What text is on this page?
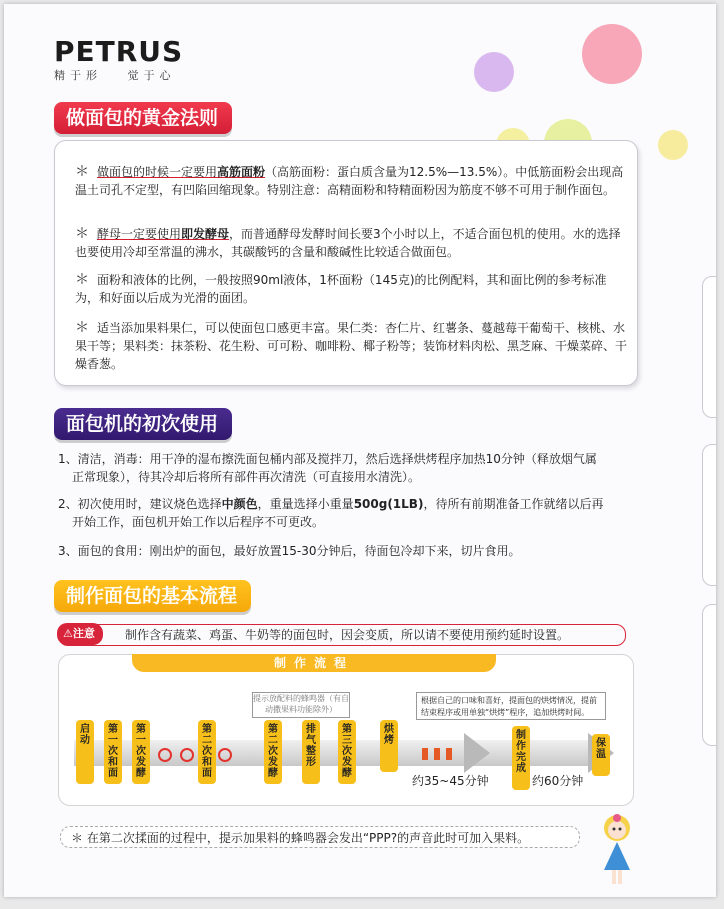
PETRUS
精于形   觉于心
做面包的黄金法则
＊ 做面包的时候一定要用高筋面粉（高筋面粉：蛋白质含量为12.5%—13.5%）。中低筋面粉会出现高温土司孔不定型，有凹陷回缩现象。特别注意：高精面粉和特精面粉因为筋度不够不可用于制作面包。
＊ 酵母一定要使用即发酵母，而普通酵母发酵时间长要3个小时以上，不适合面包机的使用。水的选择也要使用冷却至常温的沸水，其碳酸钙的含量和酸碱性比较适合做面包。
＊ 面粉和液体的比例，一般按照90ml液体，1杯面粉（145克)的比例配料，其和面比例的参考标准为，和好面以后成为光滑的面团。
＊ 适当添加果料果仁，可以使面包口感更丰富。果仁类：杏仁片、红薯条、蔓越莓干葡萄干、核桃、水果干等；果料类：抹茶粉、花生粉、可可粉、咖啡粉、椰子粉等；装饰材料肉松、黑芝麻、干燥菜碎、干燥香葱。
面包机的初次使用
1、清洁，消毒：用干净的湿布擦洗面包桶内部及搅拌刀，然后选择烘烤程序加热10分钟（释放烟气属
正常现象），待其冷却后将所有部件再次清洗（可直接用水清洗）。
2、初次使用时，建议烧色选择中颜色，重量选择小重量500g(1LB)，待所有前期准备工作就绪以后再
开始工作，面包机开始工作以后程序不可更改。
3、面包的食用：刚出炉的面包，最好放置15-30分钟后，待面包冷却下来，切片食用。
制作面包的基本流程
⚠注意	制作含有蔬菜、鸡蛋、牛奶等的面包时，因会变质，所以请不要使用预约延时设置。
制作流程
启动
第一次和面
第一次发酵
第二次和面
第二次发酵
排气整形
第三次发酵
烘烤	制作完成
保温
提示放配料的蜂鸣器（有自动撒果料功能除外）
根据自己的口味和喜好，提面包的烘烤情况，提前结束程序或用单独“烘烤”程序，追加烘烤时间。
约35~45分钟	约60分钟
＊ 在第二次揉面的过程中，提示加果料的蜂鸣器会发出“PPP?的声音此时可加入果料。
